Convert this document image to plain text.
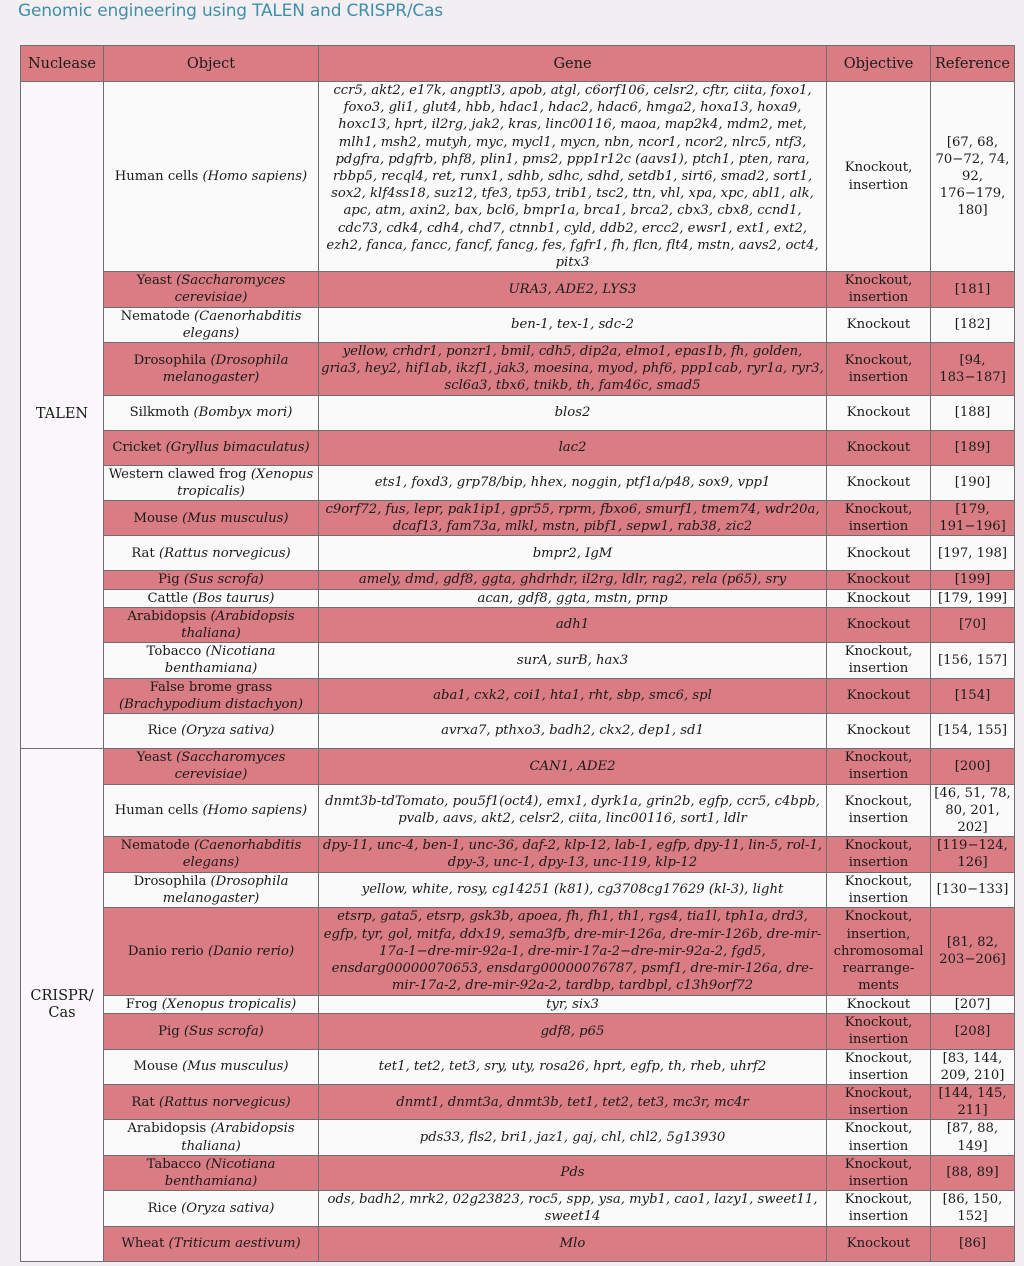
Genomic engineering using TALEN and CRISPR/Cas
Nuclease	Object	Gene	Objective	Reference
TALEN	Human cells (Homo sapiens)	ccr5, akt2, e17k, angptl3, apob, atgl, c6orf106, celsr2, cftr, ciita, foxo1, foxo3, gli1, glut4, hbb, hdac1, hdac2, hdac6, hmga2, hoxa13, hoxa9, hoxc13, hprt, il2rg, jak2, kras, linc00116, maoa, map2k4, mdm2, met, mlh1, msh2, mutyh, myc, mycl1, mycn, nbn, ncor1, ncor2, nlrc5, ntf3, pdgfra, pdgfrb, phf8, plin1, pms2, ppp1r12c (aavs1), ptch1, pten, rara, rbbp5, recql4, ret, runx1, sdhb, sdhc, sdhd, setdb1, sirt6, smad2, sort1, sox2, klf4ss18, suz12, tfe3, tp53, trib1, tsc2, ttn, vhl, xpa, xpc, abl1, alk, apc, atm, axin2, bax, bcl6, bmpr1a, brca1, brca2, cbx3, cbx8, ccnd1, cdc73, cdk4, cdh4, chd7, ctnnb1, cyld, ddb2, ercc2, ewsr1, ext1, ext2, ezh2, fanca, fancc, fancf, fancg, fes, fgfr1, fh, flcn, flt4, mstn, aavs2, oct4, pitx3	Knockout, insertion	[67, 68, 70−72, 74, 92, 176−179, 180]
	Yeast (Saccharomyces cerevisiae)	URA3, ADE2, LYS3	Knockout, insertion	[181]
	Nematode (Caenorhabditis elegans)	ben-1, tex-1, sdc-2	Knockout	[182]
	Drosophila (Drosophila melanogaster)	yellow, crhdr1, ponzr1, bmil, cdh5, dip2a, elmo1, epas1b, fh, golden, gria3, hey2, hif1ab, ikzf1, jak3, moesina, myod, phf6, ppp1cab, ryr1a, ryr3, scl6a3, tbx6, tnikb, th, fam46c, smad5	Knockout, insertion	[94, 183−187]
	Silkmoth (Bombyx mori)	blos2	Knockout	[188]
	Cricket (Gryllus bimaculatus)	lac2	Knockout	[189]
	Western clawed frog (Xenopus tropicalis)	ets1, foxd3, grp78/bip, hhex, noggin, ptf1a/p48, sox9, vpp1	Knockout	[190]
	Mouse (Mus musculus)	c9orf72, fus, lepr, pak1ip1, gpr55, rprm, fbxo6, smurf1, tmem74, wdr20a, dcaf13, fam73a, mlkl, mstn, pibf1, sepw1, rab38, zic2	Knockout, insertion	[179, 191−196]
	Rat (Rattus norvegicus)	bmpr2, IgM	Knockout	[197, 198]
	Pig (Sus scrofa)	amely, dmd, gdf8, ggta, ghdrhdr, il2rg, ldlr, rag2, rela (p65), sry	Knockout	[199]
	Cattle (Bos taurus)	acan, gdf8, ggta, mstn, prnp	Knockout	[179, 199]
	Arabidopsis (Arabidopsis thaliana)	adh1	Knockout	[70]
	Tobacco (Nicotiana benthamiana)	surA, surB, hax3	Knockout, insertion	[156, 157]
	False brome grass (Brachypodium distachyon)	aba1, cxk2, coi1, hta1, rht, sbp, smc6, spl	Knockout	[154]
	Rice (Oryza sativa)	avrxa7, pthxo3, badh2, ckx2, dep1, sd1	Knockout	[154, 155]
CRISPR/ Cas	Yeast (Saccharomyces cerevisiae)	CAN1, ADE2	Knockout, insertion	[200]
	Human cells (Homo sapiens)	dnmt3b-tdTomato, pou5f1(oct4), emx1, dyrk1a, grin2b, egfp, ccr5, c4bpb, pvalb, aavs, akt2, celsr2, ciita, linc00116, sort1, ldlr	Knockout, insertion	[46, 51, 78, 80, 201, 202]
	Nematode (Caenorhabditis elegans)	dpy-11, unc-4, ben-1, unc-36, daf-2, klp-12, lab-1, egfp, dpy-11, lin-5, rol-1, dpy-3, unc-1, dpy-13, unc-119, klp-12	Knockout, insertion	[119−124, 126]
	Drosophila (Drosophila melanogaster)	yellow, white, rosy, cg14251 (k81), cg3708cg17629 (kl-3), light	Knockout, insertion	[130−133]
	Danio rerio (Danio rerio)	etsrp, gata5, etsrp, gsk3b, apoea, fh, fh1, th1, rgs4, tia1l, tph1a, drd3, egfp, tyr, gol, mitfa, ddx19, sema3fb, dre-mir-126a, dre-mir-126b, dre-mir-17a-1−dre-mir-92a-1, dre-mir-17a-2−dre-mir-92a-2, fgd5, ensdarg00000070653, ensdarg00000076787, psmf1, dre-mir-126a, dre-mir-17a-2, dre-mir-92a-2, tardbp, tardbpl, c13h9orf72	Knockout, insertion, chromosomal rearrange-ments	[81, 82, 203−206]
	Frog (Xenopus tropicalis)	tyr, six3	Knockout	[207]
	Pig (Sus scrofa)	gdf8, p65	Knockout, insertion	[208]
	Mouse (Mus musculus)	tet1, tet2, tet3, sry, uty, rosa26, hprt, egfp, th, rheb, uhrf2	Knockout, insertion	[83, 144, 209, 210]
	Rat (Rattus norvegicus)	dnmt1, dnmt3a, dnmt3b, tet1, tet2, tet3, mc3r, mc4r	Knockout, insertion	[144, 145, 211]
	Arabidopsis (Arabidopsis thaliana)	pds33, fls2, bri1, jaz1, gaj, chl, chl2, 5g13930	Knockout, insertion	[87, 88, 149]
	Tabacco (Nicotiana benthamiana)	Pds	Knockout, insertion	[88, 89]
	Rice (Oryza sativa)	ods, badh2, mrk2, 02g23823, roc5, spp, ysa, myb1, cao1, lazy1, sweet11, sweet14	Knockout, insertion	[86, 150, 152]
	Wheat (Triticum aestivum)	Mlo	Knockout	[86]
